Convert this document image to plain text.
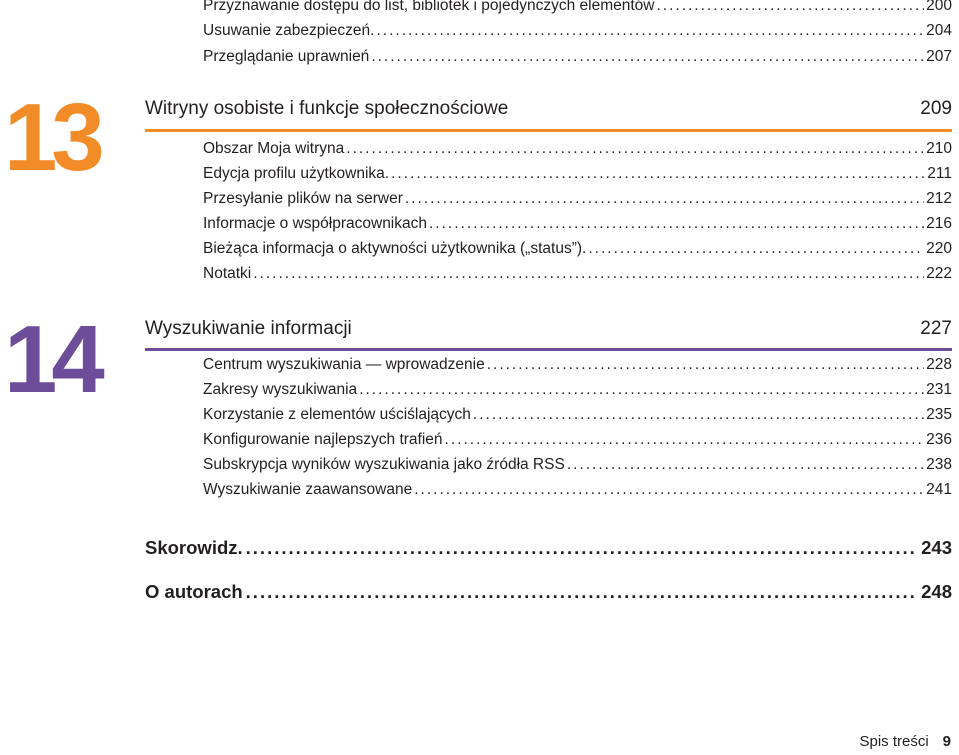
Przyznawanie dostępu do list, bibliotek i pojedynczych elementów .....	200
Usuwanie zabezpieczeń. .....	204
Przeglądanie uprawnień .....	207
13 Witryny osobiste i funkcje społecznościowe	209
Obszar Moja witryna .....	210
Edycja profilu użytkownika. .....	211
Przesyłanie plików na serwer .....	212
Informacje o współpracownikach .....	216
Bieżąca informacja o aktywności użytkownika („status”). .....	220
Notatki .....	222
14 Wyszukiwanie informacji	227
Centrum wyszukiwania — wprowadzenie .....	228
Zakresy wyszukiwania .....	231
Korzystanie z elementów uściślających .....	235
Konfigurowanie najlepszych trafień .....	236
Subskrypcja wyników wyszukiwania jako źródła RSS .....	238
Wyszukiwanie zaawansowane .....	241
Skorowidz. .....	243
O autorach .....	248
Spis treści 9
